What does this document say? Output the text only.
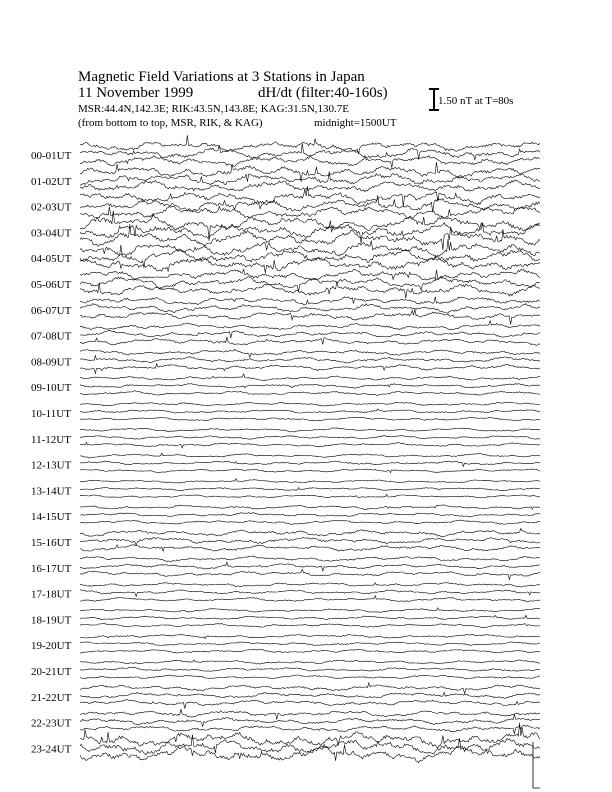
Magnetic Field Variations at 3 Stations in Japan
11 November 1999	dH/dt (filter:40-160s)
MSR:44.4N,142.3E; RIK:43.5N,143.8E; KAG:31.5N,130.7E
(from bottom to top, MSR, RIK, & KAG)	midnight=1500UT
1.50 nT at T=80s
00-01UT
01-02UT
02-03UT
03-04UT
04-05UT
05-06UT
06-07UT
07-08UT
08-09UT
09-10UT
10-11UT
11-12UT
12-13UT
13-14UT
14-15UT
15-16UT
16-17UT
17-18UT
18-19UT
19-20UT
20-21UT
21-22UT
22-23UT
23-24UT
